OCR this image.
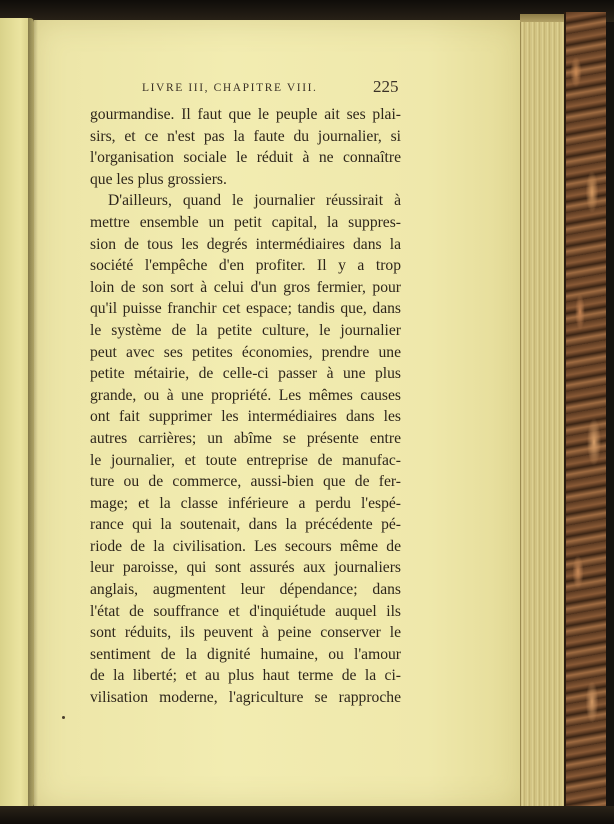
LIVRE III, CHAPITRE VIII.	225
gourmandise. Il faut que le peuple ait ses plai-
sirs, et ce n'est pas la faute du journalier, si
l'organisation sociale le réduit à ne connaître
que les plus grossiers.
D'ailleurs, quand le journalier réussirait à
mettre ensemble un petit capital, la suppres-
sion de tous les degrés intermédiaires dans la
société l'empêche d'en profiter. Il y a trop
loin de son sort à celui d'un gros fermier, pour
qu'il puisse franchir cet espace; tandis que, dans
le système de la petite culture, le journalier
peut avec ses petites économies, prendre une
petite métairie, de celle-ci passer à une plus
grande, ou à une propriété. Les mêmes causes
ont fait supprimer les intermédiaires dans les
autres carrières; un abîme se présente entre
le journalier, et toute entreprise de manufac-
ture ou de commerce, aussi-bien que de fer-
mage; et la classe inférieure a perdu l'espé-
rance qui la soutenait, dans la précédente pé-
riode de la civilisation. Les secours même de
leur paroisse, qui sont assurés aux journaliers
anglais, augmentent leur dépendance; dans
l'état de souffrance et d'inquiétude auquel ils
sont réduits, ils peuvent à peine conserver le
sentiment de la dignité humaine, ou l'amour
de la liberté; et au plus haut terme de la ci-
vilisation moderne, l'agriculture se rapproche
